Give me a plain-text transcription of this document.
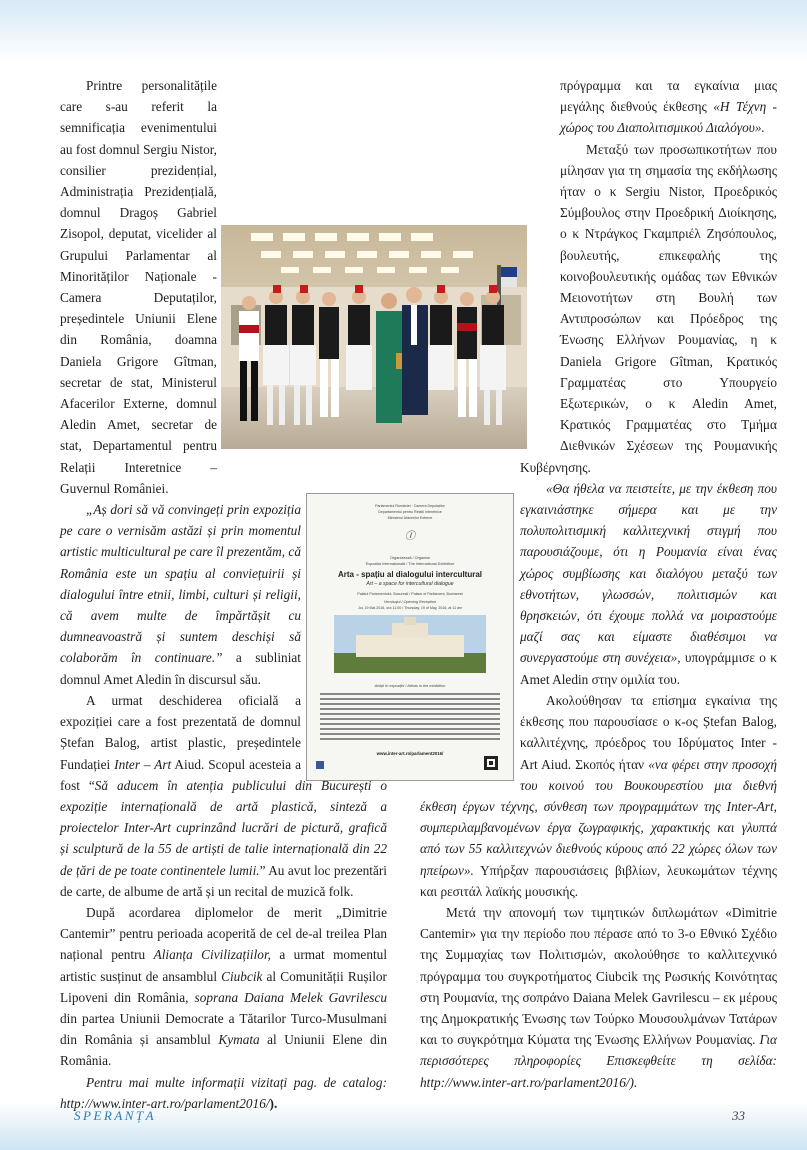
Parlamentul României · Camera Deputaților
Departamentul pentru Relații Interetnice
Ministerul Afacerilor Externe
Ⓘ
Organizează / Organise
Expoziția Internațională / The International Exhibition
Arta - spațiu al dialogului intercultural
Art – a space for intercultural dialogue
Palatul Parlamentului, București / Palace of Parliament, Bucharest
Vernisajul / Opening Reception
Joi, 19 Mai 2016, ora 11:00 / Thursday, 19 of May, 2016, at 11 am
Artiști în expoziție / Artists in the exhibition
www.inter-art.ro/parlament2016/

Printre personalitățile care s-au referit la semnificația evenimentului au fost domnul Sergiu Nistor, consilier prezidențial, Administrația Prezidențială, domnul Dragoș Gabriel Zisopol, deputat, vicelider al Grupului Parlamentar al Minorităților Naționale - Camera Deputaților, președintele Uniunii Elene din România, doamna Daniela Grigore Gîtman, secretar de stat, Ministerul Afacerilor Externe, domnul Aledin Amet, secretar de stat, Departamentul pentru Relații Interetnice – Guvernul României.

„Aș dori să vă convingeți prin expoziția pe care o vernisăm astăzi și prin momentul artistic multicultural pe care îl prezentăm, că România este un spațiu al conviețuirii și dialogului între etnii, limbi, culturi și religii, că avem multe de împărtășit cu dumneavoastră și suntem deschiși să colaborăm în continuare.” a subliniat domnul Amet Aledin în discursul său.

A urmat deschiderea oficială a expoziției care a fost prezentată de domnul Ștefan Balog, artist plastic, președintele Fundației Inter – Art Aiud. Scopul acesteia a fost “Să aducem în atenția publicului din București o expoziție internațională de artă plastică, sinteză a proiectelor Inter-Art cuprinzând lucrări de pictură, grafică și sculptură de la 55 de artiști de talie internațională din 22 de țări de pe toate continentele lumii.” Au avut loc prezentări de carte, de albume de artă și un recital de muzică folk.

După acordarea diplomelor de merit „Dimitrie Cantemir” pentru perioada acoperită de cel de-al treilea Plan național pentru Alianța Civilizațiilor, a urmat momentul artistic susținut de ansamblul Ciubcik al Comunității Rușilor Lipoveni din România, soprana Daiana Melek Gavrilescu din partea Uniunii Democrate a Tătarilor Turco-Musulmani din România și ansamblul Kymata al Uniunii Elene din România.

Pentru mai multe informații vizitați pag. de catalog: http://www.inter-art.ro/parlament2016/).

πρόγραμμα και τα εγκαίνια μιας μεγάλης διεθνούς έκθεσης «Η Τέχνη - χώρος του Διαπολιτισμικού Διαλόγου».

Μεταξύ των προσωπικοτήτων που μίλησαν για τη σημασία της εκδήλωσης ήταν ο κ Sergiu Nistor, Προεδρικός Σύμβουλος στην Προεδρική Διοίκησης, ο κ Ντράγκος Γκαμπριέλ Ζησόπουλος, βουλευτής, επικεφαλής της κοινοβουλευτικής ομάδας των Εθνικών Μειονοτήτων στη Βουλή των Αντιπροσώπων και Πρόεδρος της Ένωσης Ελλήνων Ρουμανίας, η κ Daniela Grigore Gîtman, Κρατικός Γραμματέας στο Υπουργείο Εξωτερικών, ο κ Aledin Amet, Κρατικός Γραμματέας στο Τμήμα Διεθνικών Σχέσεων της Ρουμανικής Κυβέρνησης.

«Θα ήθελα να πειστείτε, με την έκθεση που εγκαινιάστηκε σήμερα και με την πολυπολιτισμική καλλιτεχνική στιγμή που παρουσιάζουμε, ότι η Ρουμανία είναι ένας χώρος συμβίωσης και διαλόγου μεταξύ των εθνοτήτων, γλωσσών, πολιτισμών και θρησκειών, ότι έχουμε πολλά να μοιραστούμε μαζί σας και είμαστε διαθέσιμοι να συνεργαστούμε στη συνέχεια», υπογράμμισε ο κ Amet Aledin στην ομιλία του.

Ακολούθησαν τα επίσημα εγκαίνια της έκθεσης που παρουσίασε ο κ-ος Ștefan Balog, καλλιτέχνης, πρόεδρος του Ιδρύματος Inter - Art Aiud. Σκοπός ήταν «να φέρει στην προσοχή του κοινού του Βουκουρεστίου μια διεθνή έκθεση έργων τέχνης, σύνθεση των προγραμμάτων της Inter-Art, συμπεριλαμβανομένων έργα ζωγραφικής, χαρακτικής και γλυπτά από των 55 καλλιτεχνών διεθνούς κύρους από 22 χώρες όλων των ηπείρων». Υπήρξαν παρουσιάσεις βιβλίων, λευκωμάτων τέχνης και ρεσιτάλ λαϊκής μουσικής.

Μετά την απονομή των τιμητικών διπλωμάτων «Dimitrie Cantemir» για την περίοδο που πέρασε από το 3-ο Εθνικό Σχέδιο της Συμμαχίας των Πολιτισμών, ακολούθησε το καλλιτεχνικό πρόγραμμα του συγκροτήματος Ciubcik της Ρωσικής Κοινότητας στη Ρουμανία, της σοπράνο Daiana Melek Gavrilescu – εκ μέρους της Δημοκρατικής Ένωσης των Τούρκο Μουσουλμάνων Τατάρων και το συγκρότημα Κύματα της Ένωσης Ελλήνων Ρουμανίας. Για περισσότερες πληροφορίες Επισκεφθείτε τη σελίδα: http://www.inter-art.ro/parlament2016/).

SPERANȚA	33
